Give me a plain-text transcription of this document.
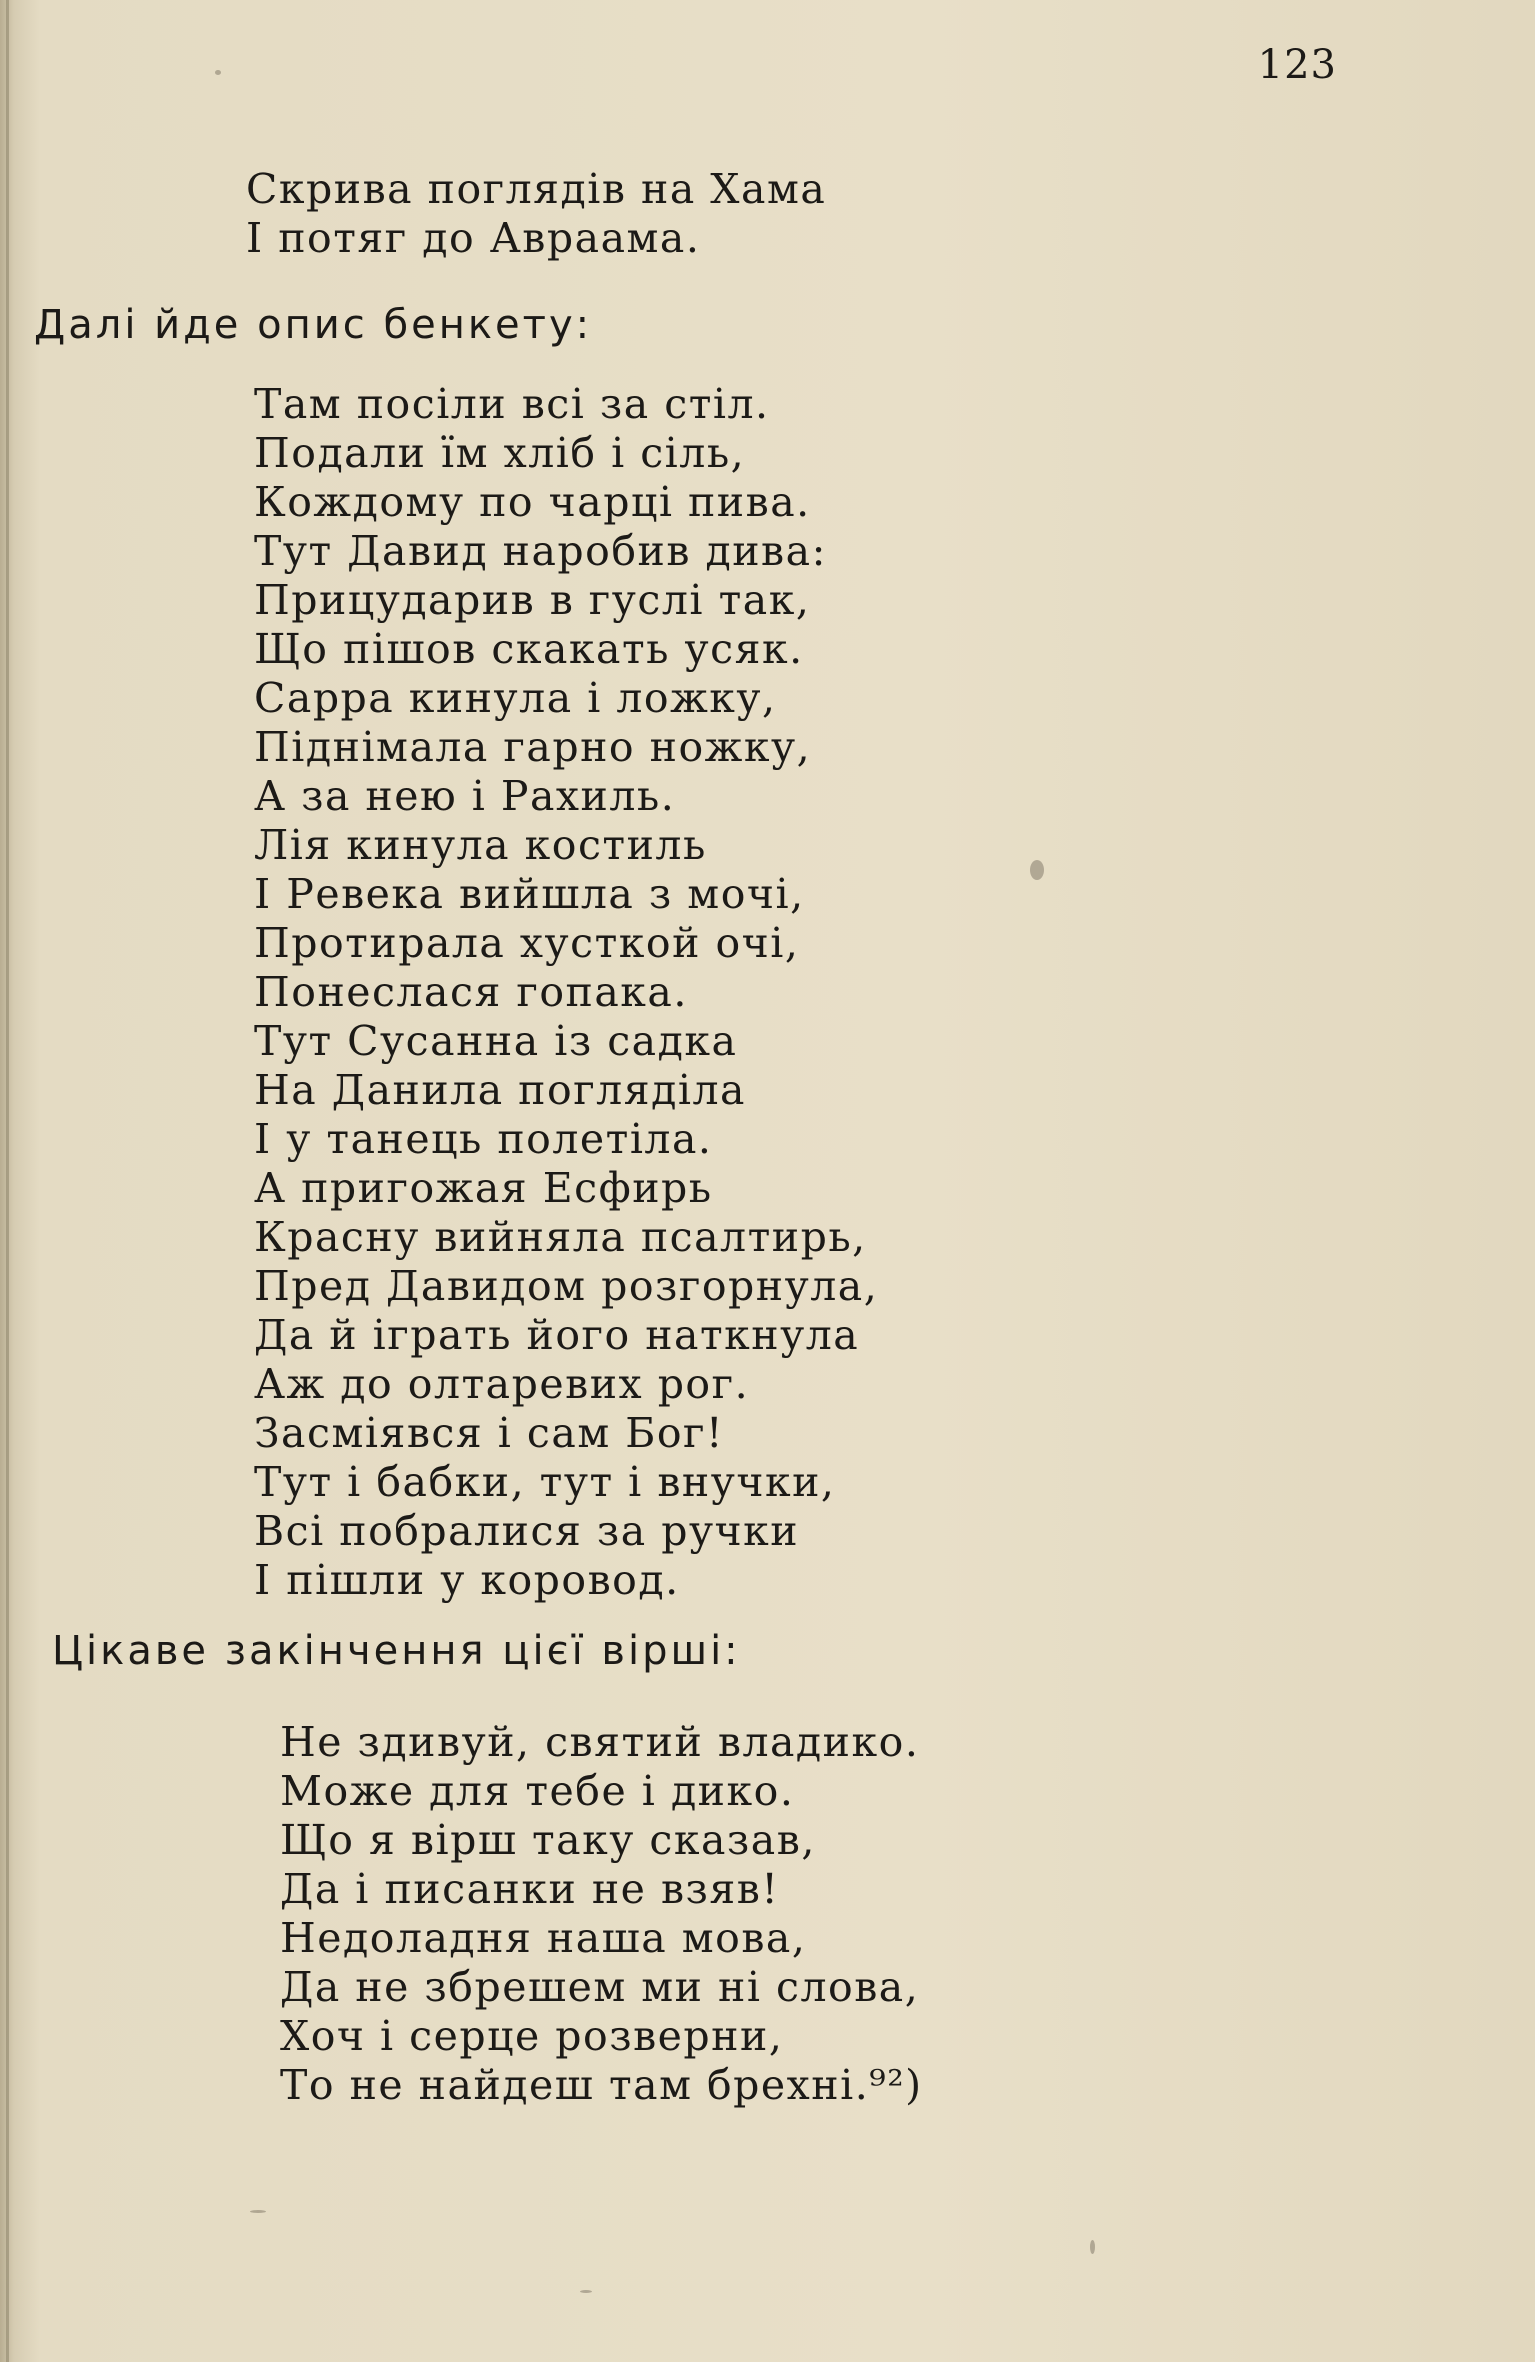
123
Скрива поглядів на Хама
І потяг до Авраама.
Далі йде опис бенкету:
Там посіли всі за стіл.
Подали їм хліб і сіль,
Кождому по чарці пива.
Тут Давид наробив дива:
Прицударив в гуслі так,
Що пішов скакать усяк.
Сарра кинула і ложку,
Піднімала гарно ножку,
А за нею і Рахиль.
Лія кинула костиль
І Ревека вийшла з мочі,
Протирала хусткой очі,
Понеслася гопака.
Тут Сусанна із садка
На Данила погляділа
І у танець полетіла.
А пригожая Есфирь
Красну вийняла псалтирь,
Пред Давидом розгорнула,
Да й іграть його наткнула
Аж до олтаревих рог.
Засміявся і сам Бог!
Тут і бабки, тут і внучки,
Всі побралися за ручки
І пішли у коровод.
Цікаве закінчення цієї вірші:
Не здивуй, святий владико.
Може для тебе і дико.
Що я вірш таку сказав,
Да і писанки не взяв!
Недоладня наша мова,
Да не збрешем ми ні слова,
Хоч і серце розверни,
То не найдеш там брехні.⁹²)
